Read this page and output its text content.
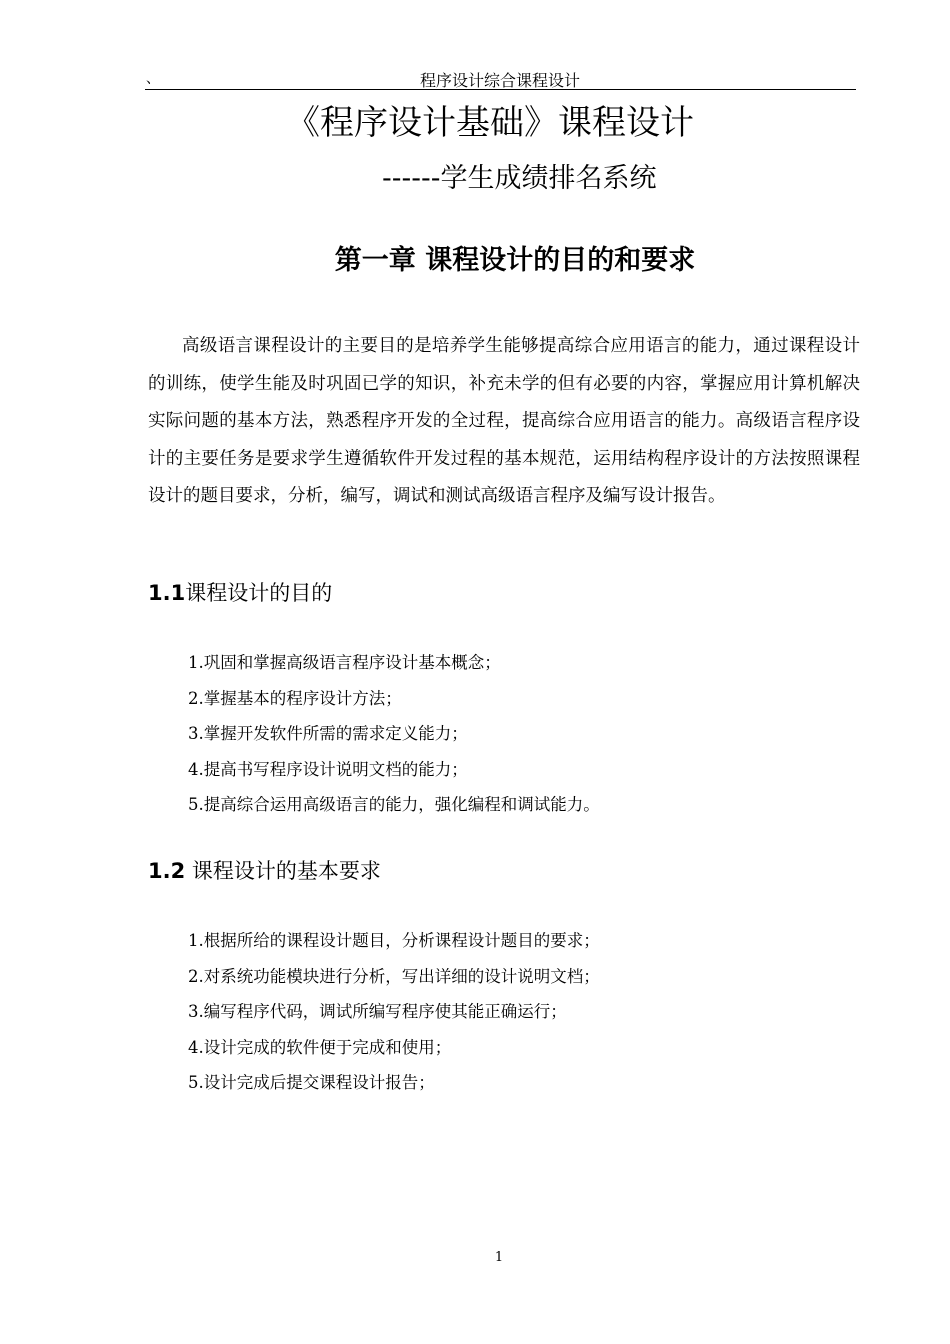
、	程序设计综合课程设计
《程序设计基础》课程设计
------学生成绩排名系统
第一章 课程设计的目的和要求

高级语言课程设计的主要目的是培养学生能够提高综合应用语言的能力，通过课程设计的训练，使学生能及时巩固已学的知识，补充未学的但有必要的内容，掌握应用计算机解决实际问题的基本方法，熟悉程序开发的全过程，提高综合应用语言的能力。高级语言程序设计的主要任务是要求学生遵循软件开发过程的基本规范，运用结构程序设计的方法按照课程设计的题目要求，分析，编写，调试和测试高级语言程序及编写设计报告。

1.1课程设计的目的
1.巩固和掌握高级语言程序设计基本概念；
2.掌握基本的程序设计方法；
3.掌握开发软件所需的需求定义能力；
4.提高书写程序设计说明文档的能力；
5.提高综合运用高级语言的能力，强化编程和调试能力。
1.2 课程设计的基本要求
1.根据所给的课程设计题目，分析课程设计题目的要求；
2.对系统功能模块进行分析，写出详细的设计说明文档；
3.编写程序代码，调试所编写程序使其能正确运行；
4.设计完成的软件便于完成和使用；
5.设计完成后提交课程设计报告；
1
